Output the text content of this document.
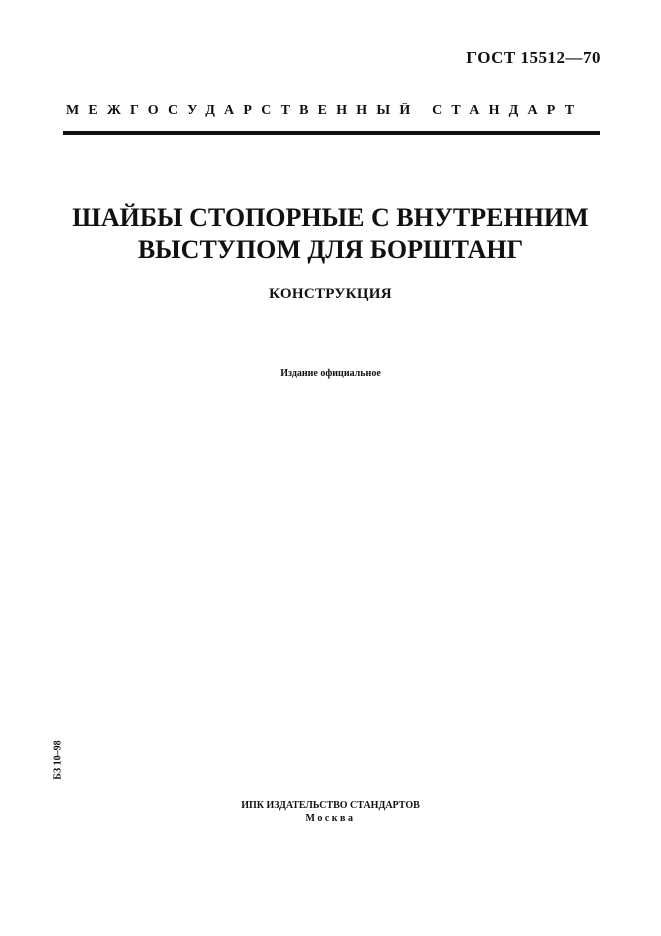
ГОСТ 15512—70
МЕЖГОСУДАРСТВЕННЫЙ СТАНДАРТ
ШАЙБЫ СТОПОРНЫЕ С ВНУТРЕННИМ
ВЫСТУПОМ ДЛЯ БОРШТАНГ
КОНСТРУКЦИЯ
Издание официальное
БЗ 10–98
ИПК ИЗДАТЕЛЬСТВО СТАНДАРТОВ
Москва
